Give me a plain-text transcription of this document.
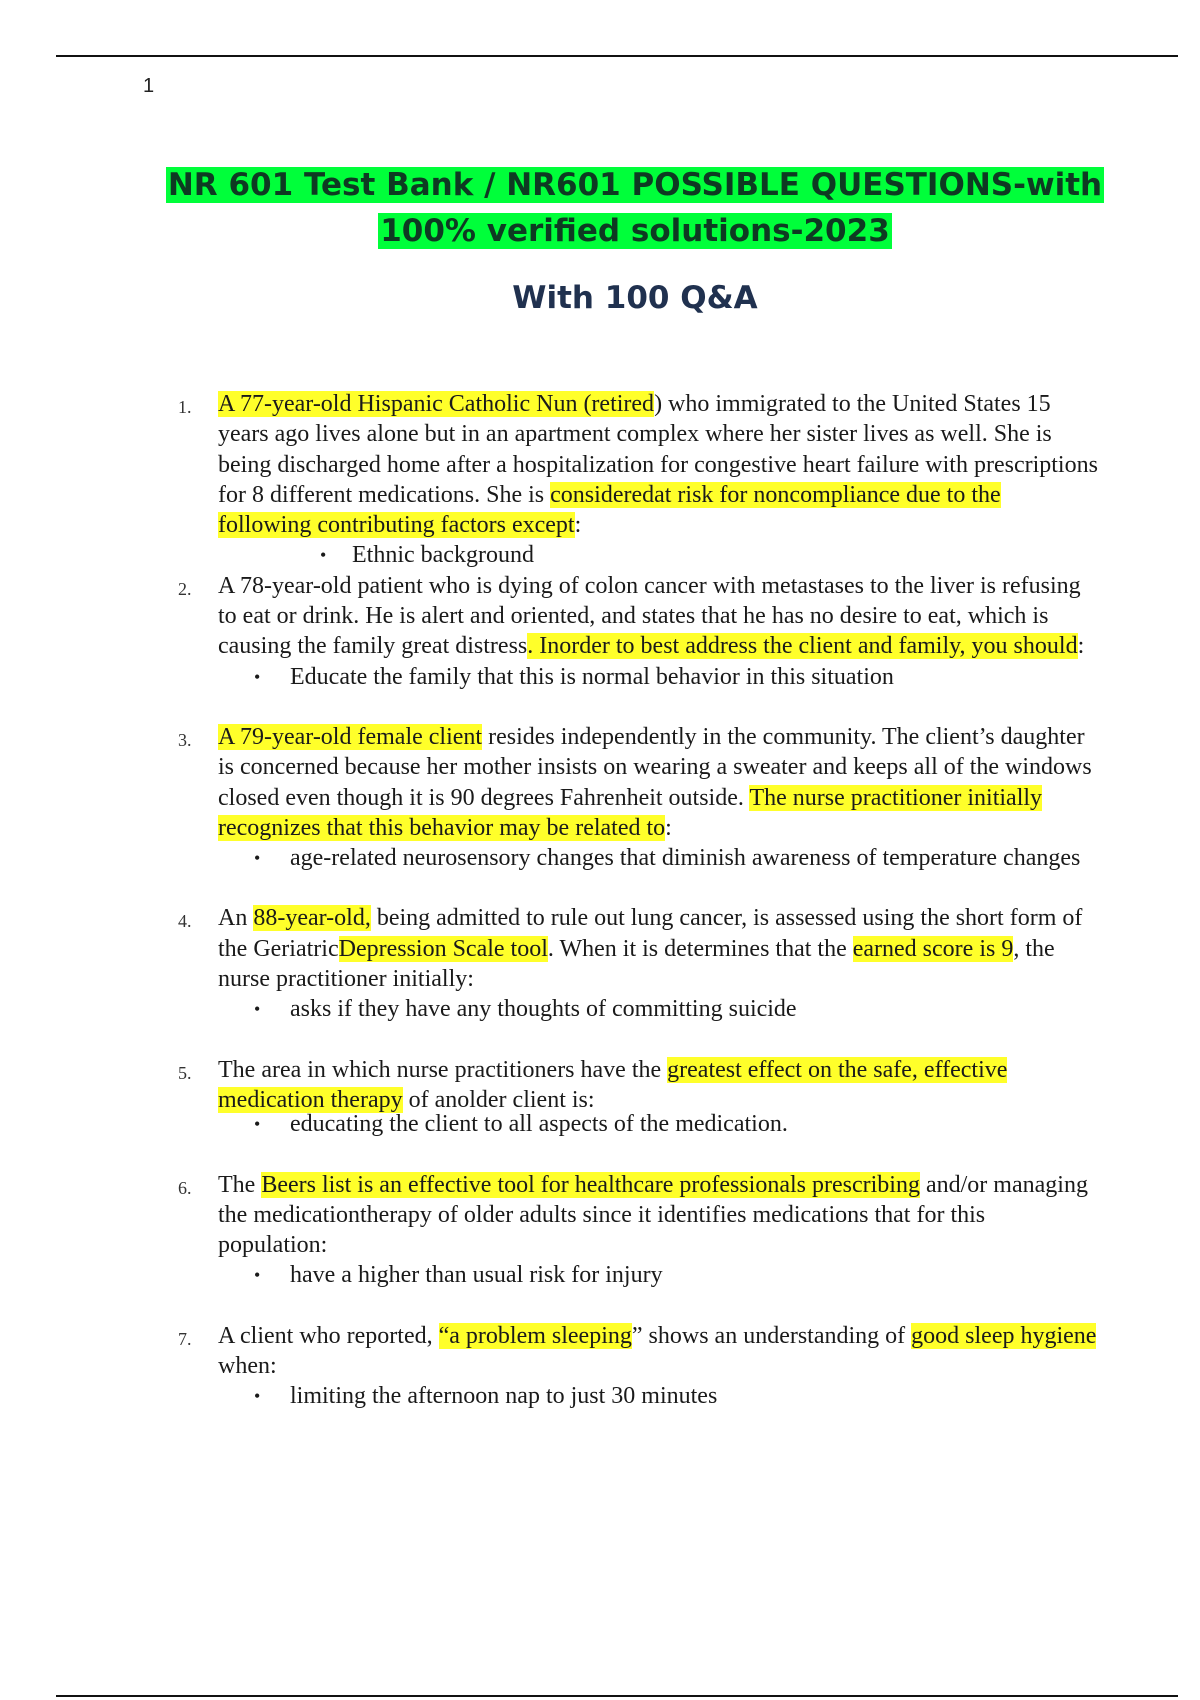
1
NR 601 Test Bank / NR601 POSSIBLE QUESTIONS-with
100% verified solutions-2023
With 100 Q&A
1. A 77-year-old Hispanic Catholic Nun (retired) who immigrated to the United States 15 years ago lives alone but in an apartment complex where her sister lives as well. She is being discharged home after a hospitalization for congestive heart failure with prescriptions for 8 different medications. She is consideredat risk for noncompliance due to the following contributing factors except:
• Ethnic background
2. A 78-year-old patient who is dying of colon cancer with metastases to the liver is refusing to eat or drink. He is alert and oriented, and states that he has no desire to eat, which is causing the family great distress. Inorder to best address the client and family, you should:
• Educate the family that this is normal behavior in this situation
3. A 79-year-old female client resides independently in the community. The client’s daughter is concerned because her mother insists on wearing a sweater and keeps all of the windows closed even though it is 90 degrees Fahrenheit outside. The nurse practitioner initially recognizes that this behavior may be related to:
• age-related neurosensory changes that diminish awareness of temperature changes
4. An 88-year-old, being admitted to rule out lung cancer, is assessed using the short form of the GeriatricDepression Scale tool. When it is determines that the earned score is 9, the nurse practitioner initially:
• asks if they have any thoughts of committing suicide
5. The area in which nurse practitioners have the greatest effect on the safe, effective medication therapy of anolder client is:
• educating the client to all aspects of the medication.
6. The Beers list is an effective tool for healthcare professionals prescribing and/or managing the medicationtherapy of older adults since it identifies medications that for this population:
• have a higher than usual risk for injury
7. A client who reported, “a problem sleeping” shows an understanding of good sleep hygiene when:
• limiting the afternoon nap to just 30 minutes
